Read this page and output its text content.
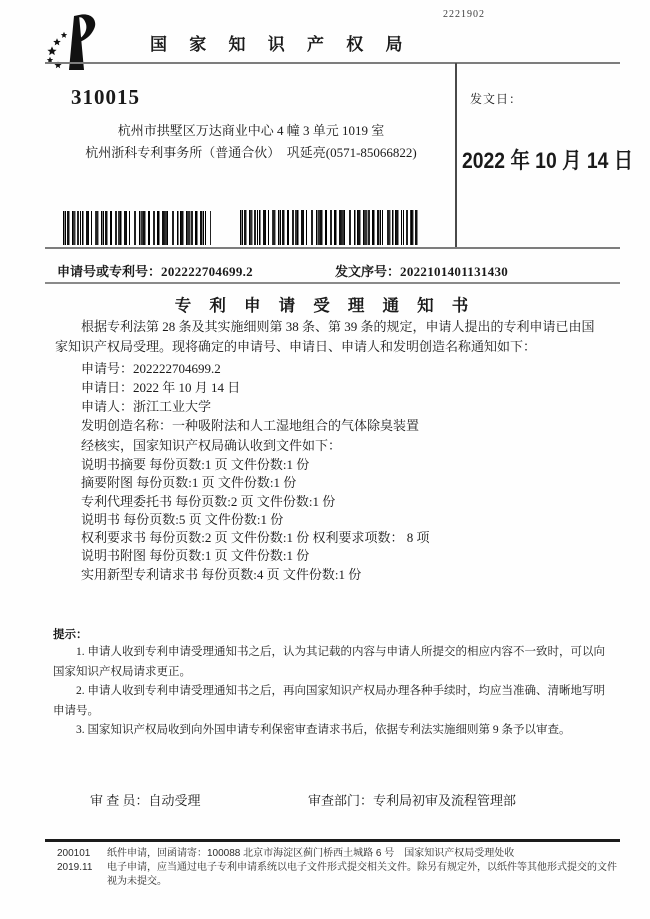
2221902
国 家 知 识 产 权 局
310015
杭州市拱墅区万达商业中心 4 幢 3 单元 1019 室
杭州浙科专利事务所（普通合伙）　巩延亮(0571-85066822)
发文日：
2022 年 10 月 14 日
申请号或专利号：202222704699.2	发文序号：2022101401131430
专 利 申 请 受 理 通 知 书
根据专利法第 28 条及其实施细则第 38 条、第 39 条的规定，申请人提出的专利申请已由国家知识产权局受理。现将确定的申请号、申请日、申请人和发明创造名称通知如下：
申请号：202222704699.2
申请日：2022 年 10 月 14 日
申请人：浙江工业大学
发明创造名称：一种吸附法和人工湿地组合的气体除臭装置
经核实，国家知识产权局确认收到文件如下：
说明书摘要 每份页数:1 页 文件份数:1 份
摘要附图 每份页数:1 页 文件份数:1 份
专利代理委托书 每份页数:2 页 文件份数:1 份
说明书 每份页数:5 页 文件份数:1 份
权利要求书 每份页数:2 页 文件份数:1 份 权利要求项数： 8 项
说明书附图 每份页数:1 页 文件份数:1 份
实用新型专利请求书 每份页数:4 页 文件份数:1 份
提示：

1. 申请人收到专利申请受理通知书之后，认为其记载的内容与申请人所提交的相应内容不一致时，可以向国家知识产权局请求更正。

2. 申请人收到专利申请受理通知书之后，再向国家知识产权局办理各种手续时，均应当准确、清晰地写明申请号。

3. 国家知识产权局收到向外国申请专利保密审查请求书后，依据专利法实施细则第 9 条予以审查。

审 查 员：自动受理	审查部门：专利局初审及流程管理部
200101
2019.11
纸件申请，回函请寄：100088 北京市海淀区蓟门桥西土城路 6 号　国家知识产权局受理处收
电子申请，应当通过电子专利申请系统以电子文件形式提交相关文件。除另有规定外，以纸件等其他形式提交的文件视为未提交。
